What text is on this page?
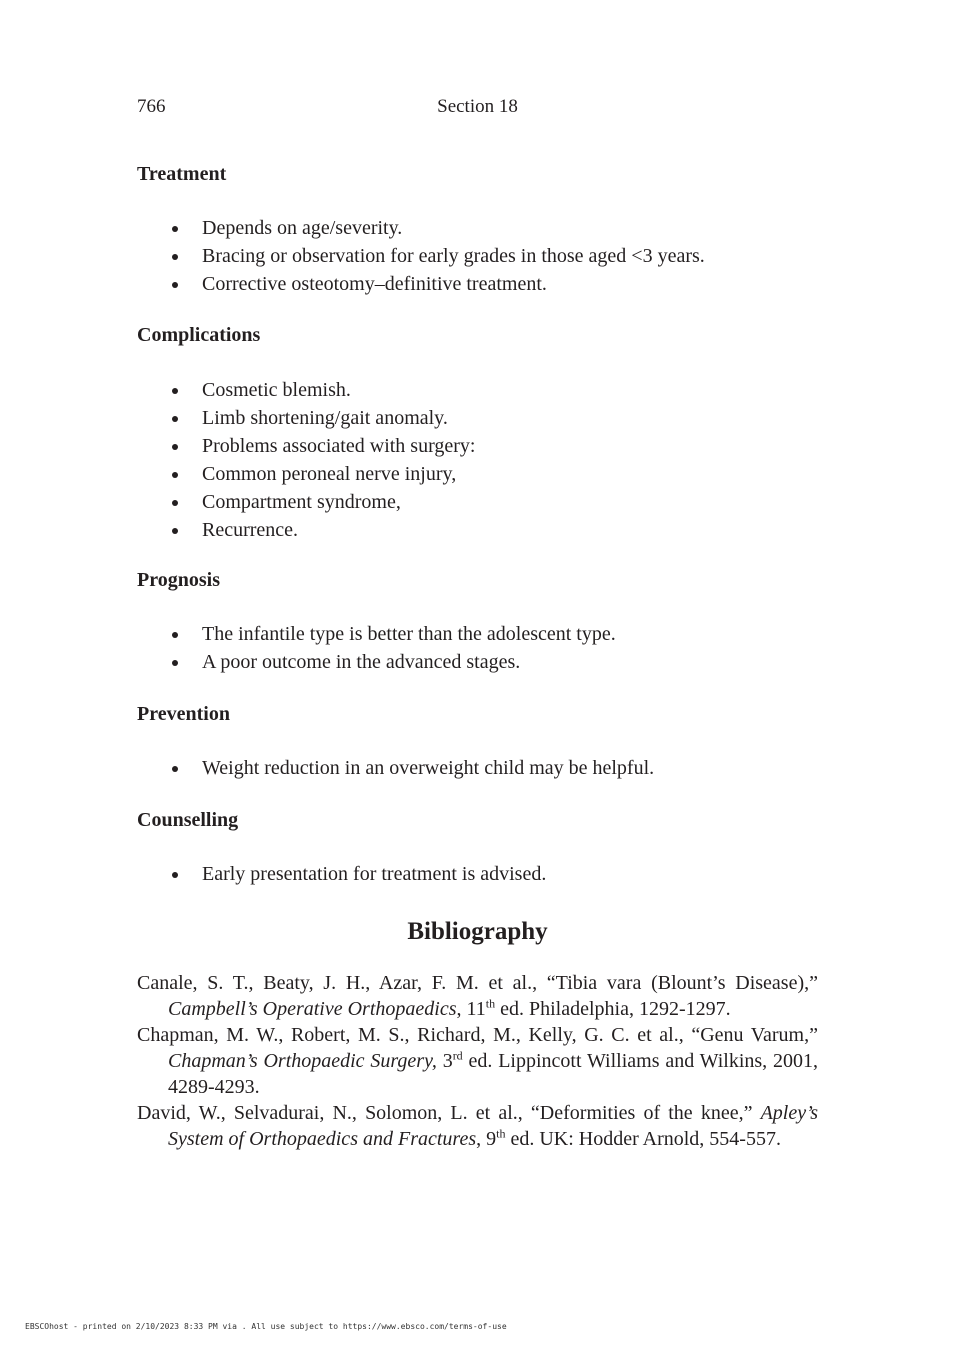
766	Section 18
Treatment
Depends on age/severity.
Bracing or observation for early grades in those aged <3 years.
Corrective osteotomy–definitive treatment.
Complications
Cosmetic blemish.
Limb shortening/gait anomaly.
Problems associated with surgery:
Common peroneal nerve injury,
Compartment syndrome,
Recurrence.
Prognosis
The infantile type is better than the adolescent type.
A poor outcome in the advanced stages.
Prevention
Weight reduction in an overweight child may be helpful.
Counselling
Early presentation for treatment is advised.
Bibliography

Canale, S. T., Beaty, J. H., Azar, F. M. et al., “Tibia vara (Blount’s Disease),” Campbell’s Operative Orthopaedics, 11th ed. Philadelphia, 1292-1297.

Chapman, M. W., Robert, M. S., Richard, M., Kelly, G. C. et al., “Genu Varum,” Chapman’s Orthopaedic Surgery, 3rd ed. Lippincott Williams and Wilkins, 2001, 4289-4293.

David, W., Selvadurai, N., Solomon, L. et al., “Deformities of the knee,” Apley’s System of Orthopaedics and Fractures, 9th ed. UK: Hodder Arnold, 554-557.

EBSCOhost - printed on 2/10/2023 8:33 PM via . All use subject to https://www.ebsco.com/terms-of-use
